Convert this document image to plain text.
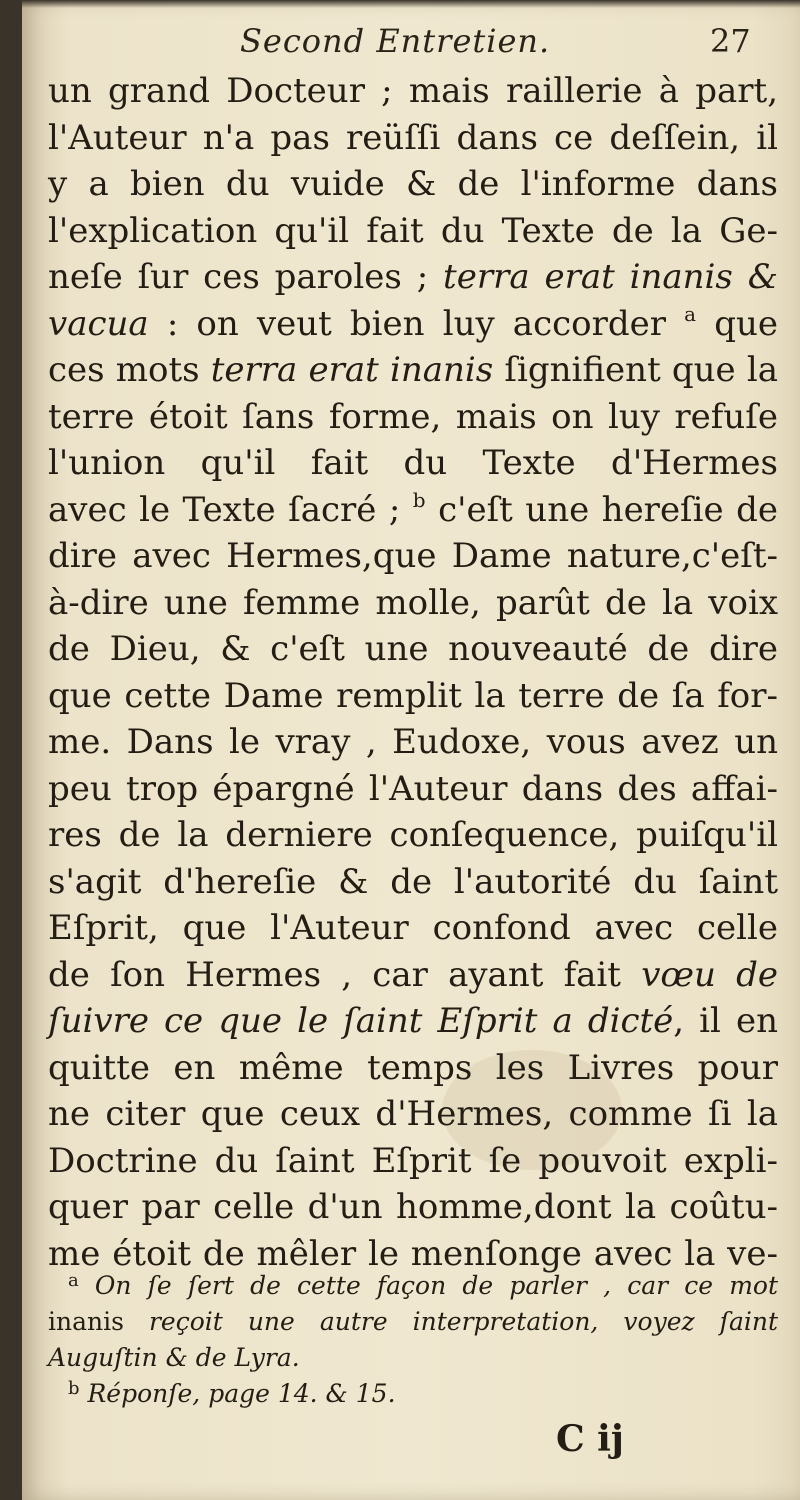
Second Entretien.	27
un grand Docteur ; mais raillerie à part,
l'Auteur n'a pas reüſſi dans ce deſſein, il
y a bien du vuide & de l'informe dans
l'explication qu'il fait du Texte de la Ge-
neſe ſur ces paroles ; terra erat inanis &
vacua : on veut bien luy accorder $^a$ que
ces mots terra erat inanis ſignifient que la
terre étoit ſans forme, mais on luy refuſe
l'union qu'il fait du Texte d'Hermes
avec le Texte ſacré ; $^b$ c'eſt une hereſie de
dire avec Hermes,que Dame nature,c'eſt-
à-dire une femme molle, parût de la voix
de Dieu, & c'eſt une nouveauté de dire
que cette Dame remplit la terre de ſa for-
me. Dans le vray , Eudoxe, vous avez un
peu trop épargné l'Auteur dans des affai-
res de la derniere conſequence, puiſqu'il
s'agit d'hereſie & de l'autorité du ſaint
Eſprit, que l'Auteur confond avec celle
de ſon Hermes , car ayant fait vœu de
ſuivre ce que le ſaint Eſprit a dicté, il en
quitte en même temps les Livres pour
ne citer que ceux d'Hermes, comme ſi la
Doctrine du ſaint Eſprit ſe pouvoit expli-
quer par celle d'un homme,dont la coûtu-
me étoit de mêler le menſonge avec la ve-
$^a$ On ſe ſert de cette façon de parler , car ce mot
inanis reçoit une autre interpretation, voyez ſaint
Auguſtin & de Lyra.
$^b$ Réponſe, page 14. & 15.
C ij
